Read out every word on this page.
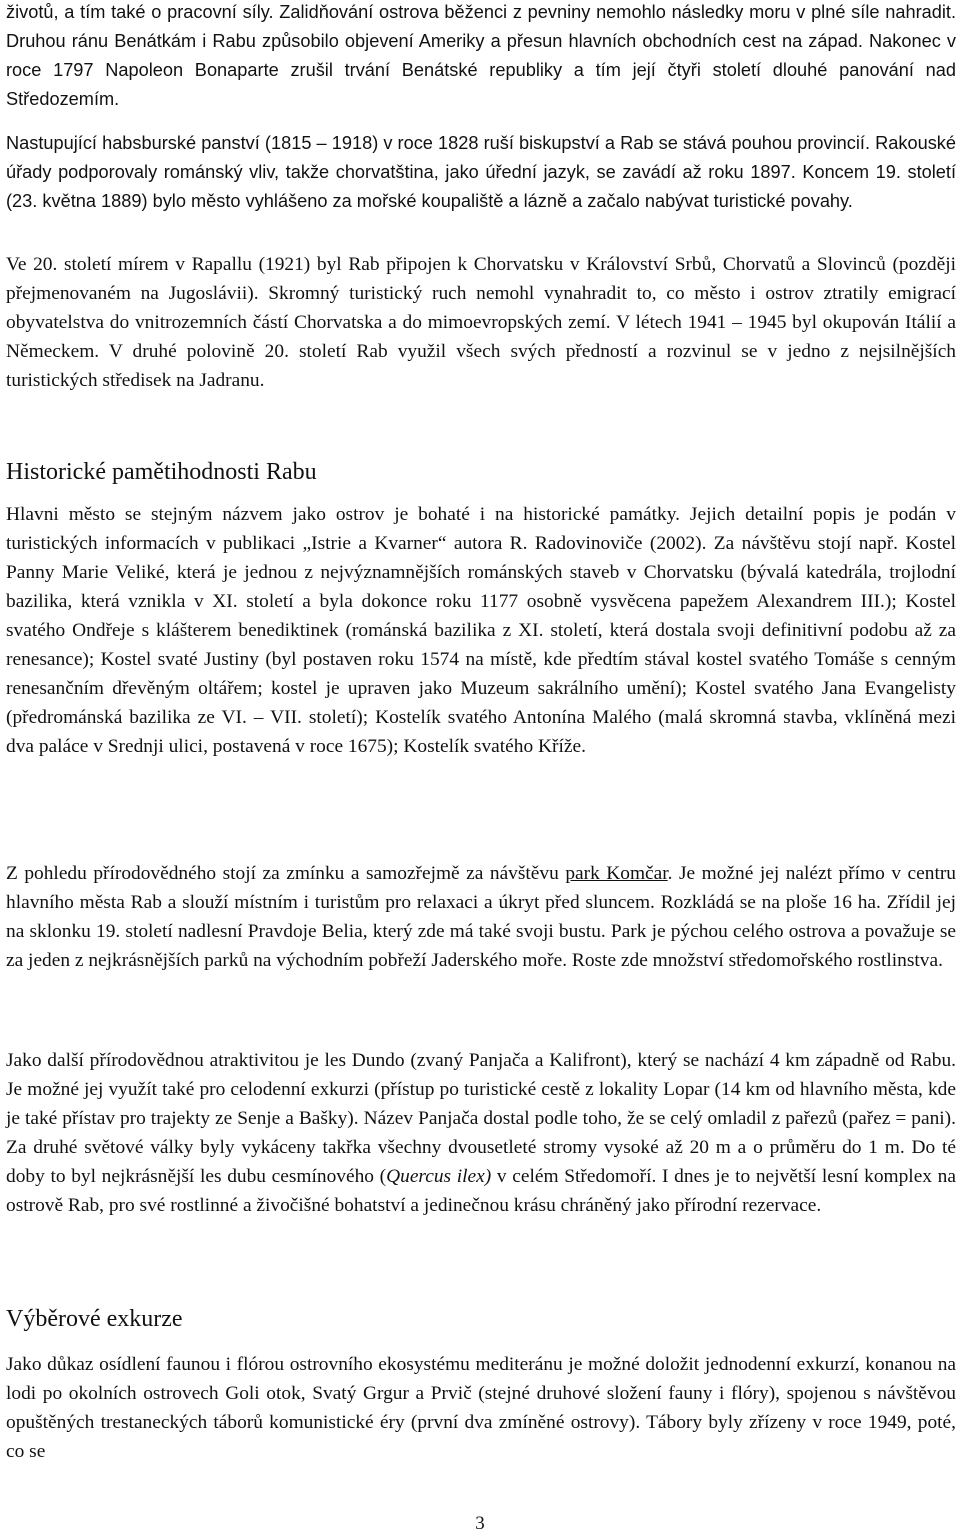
životů, a tím také o pracovní síly. Zalidňování ostrova běženci z pevniny nemohlo následky moru v plné síle nahradit. Druhou ránu Benátkám i Rabu způsobilo objevení Ameriky a přesun hlavních obchodních cest na západ. Nakonec v roce 1797 Napoleon Bonaparte zrušil trvání Benátské republiky a tím její čtyři století dlouhé panování nad Středozemím.

Nastupující habsburské panství (1815 – 1918) v roce 1828 ruší biskupství a Rab se stává pouhou provincií. Rakouské úřady podporovaly románský vliv, takže chorvatština, jako úřední jazyk, se zavádí až roku 1897. Koncem 19. století (23. května 1889) bylo město vyhlášeno za mořské koupaliště a lázně a začalo nabývat turistické povahy.

Ve 20. století mírem v Rapallu (1921) byl Rab připojen k Chorvatsku v Království Srbů, Chorvatů a Slovinců (později přejmenovaném na Jugoslávii). Skromný turistický ruch nemohl vynahradit to, co město i ostrov ztratily emigrací obyvatelstva do vnitrozemních částí Chorvatska a do mimoevropských zemí. V létech 1941 – 1945 byl okupován Itálií a Německem. V druhé polovině 20. století Rab využil všech svých předností a rozvinul se v jedno z nejsilnějších turistických středisek na Jadranu.

Historické pamětihodnosti Rabu

Hlavni město se stejným názvem jako ostrov je bohaté i na historické památky. Jejich detailní popis je podán v turistických informacích v publikaci „Istrie a Kvarner“ autora R. Radovinoviče (2002). Za návštěvu stojí např. Kostel Panny Marie Veliké, která je jednou z nejvýznamnějších románských staveb v Chorvatsku (bývalá katedrála, trojlodní bazilika, která vznikla v XI. století a byla dokonce roku 1177 osobně vysvěcena papežem Alexandrem III.); Kostel svatého Ondřeje s klášterem benediktinek (románská bazilika z XI. století, která dostala svoji definitivní podobu až za renesance); Kostel svaté Justiny (byl postaven roku 1574 na místě, kde předtím stával kostel svatého Tomáše s cenným renesančním dřevěným oltářem; kostel je upraven jako Muzeum sakrálního umění); Kostel svatého Jana Evangelisty (předrománská bazilika ze VI. – VII. století); Kostelík svatého Antonína Malého (malá skromná stavba, vklíněná mezi dva paláce v Srednji ulici, postavená v roce 1675); Kostelík svatého Kříže.

Z pohledu přírodovědného stojí za zmínku a samozřejmě za návštěvu park Komčar. Je možné jej nalézt přímo v centru hlavního města Rab a slouží místním i turistům pro relaxaci a úkryt před sluncem. Rozkládá se na ploše 16 ha. Zřídil jej na sklonku 19. století nadlesní Pravdoje Belia, který zde má také svoji bustu. Park je pýchou celého ostrova a považuje se za jeden z nejkrásnějších parků na východním pobřeží Jaderského moře. Roste zde množství středomořského rostlinstva.

Jako další přírodovědnou atraktivitou je les Dundo (zvaný Panjača a Kalifront), který se nachází 4 km západně od Rabu. Je možné jej využít také pro celodenní exkurzi (přístup po turistické cestě z lokality Lopar (14 km od hlavního města, kde je také přístav pro trajekty ze Senje a Bašky). Název Panjača dostal podle toho, že se celý omladil z pařezů (pařez = pani). Za druhé světové války byly vykáceny takřka všechny dvousetleté stromy vysoké až 20 m a o průměru do 1 m. Do té doby to byl nejkrásnější les dubu cesmínového (Quercus ilex) v celém Středomoří. I dnes je to největší lesní komplex na ostrově Rab, pro své rostlinné a živočišné bohatství a jedinečnou krásu chráněný jako přírodní rezervace.

Výběrové exkurze

Jako důkaz osídlení faunou i flórou ostrovního ekosystému mediteránu je možné doložit jednodenní exkurzí, konanou na lodi po okolních ostrovech Goli otok, Svatý Grgur a Prvič (stejné druhové složení fauny i flóry), spojenou s návštěvou opuštěných trestaneckých táborů komunistické éry (první dva zmíněné ostrovy). Tábory byly zřízeny v roce 1949, poté, co se

3
